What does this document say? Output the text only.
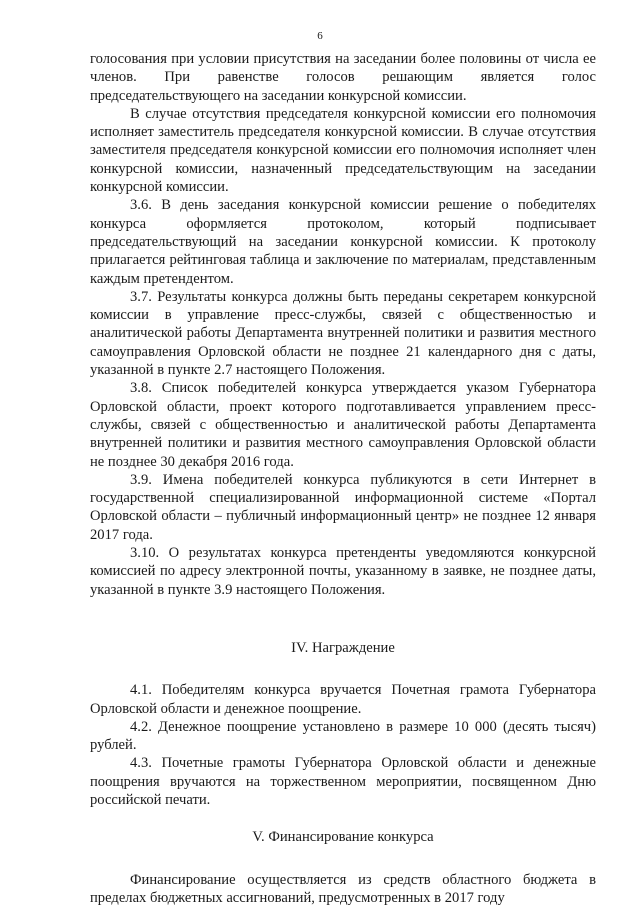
6

голосования при условии присутствия на заседании более половины от числа ее членов. При равенстве голосов решающим является голос председательствующего на заседании конкурсной комиссии.

В случае отсутствия председателя конкурсной комиссии его полномочия исполняет заместитель председателя конкурсной комиссии. В случае отсутствия заместителя председателя конкурсной комиссии его полномочия исполняет член конкурсной комиссии, назначенный председательствующим на заседании конкурсной комиссии.

3.6. В день заседания конкурсной комиссии решение о победителях конкурса оформляется протоколом, который подписывает председательствующий на заседании конкурсной комиссии. К протоколу прилагается рейтинговая таблица и заключение по материалам, представленным каждым претендентом.

3.7. Результаты конкурса должны быть переданы секретарем конкурсной комиссии в управление пресс-службы, связей с общественностью и аналитической работы Департамента внутренней политики и развития местного самоуправления Орловской области не позднее 21 календарного дня с даты, указанной в пункте 2.7 настоящего Положения.

3.8. Список победителей конкурса утверждается указом Губернатора Орловской области, проект которого подготавливается управлением пресс-службы, связей с общественностью и аналитической работы Департамента внутренней политики и развития местного самоуправления Орловской области не позднее 30 декабря 2016 года.

3.9. Имена победителей конкурса публикуются в сети Интернет в государственной специализированной информационной системе «Портал Орловской области – публичный информационный центр» не позднее 12 января 2017 года.

3.10. О результатах конкурса претенденты уведомляются конкурсной комиссией по адресу электронной почты, указанному в заявке, не позднее даты, указанной в пункте 3.9 настоящего Положения.

IV. Награждение

4.1. Победителям конкурса вручается Почетная грамота Губернатора Орловской области и денежное поощрение.

4.2. Денежное поощрение установлено в размере 10 000 (десять тысяч) рублей.

4.3. Почетные грамоты Губернатора Орловской области и денежные поощрения вручаются на торжественном мероприятии, посвященном Дню российской печати.

V. Финансирование конкурса

Финансирование осуществляется из средств областного бюджета в пределах бюджетных ассигнований, предусмотренных в 2017 году
